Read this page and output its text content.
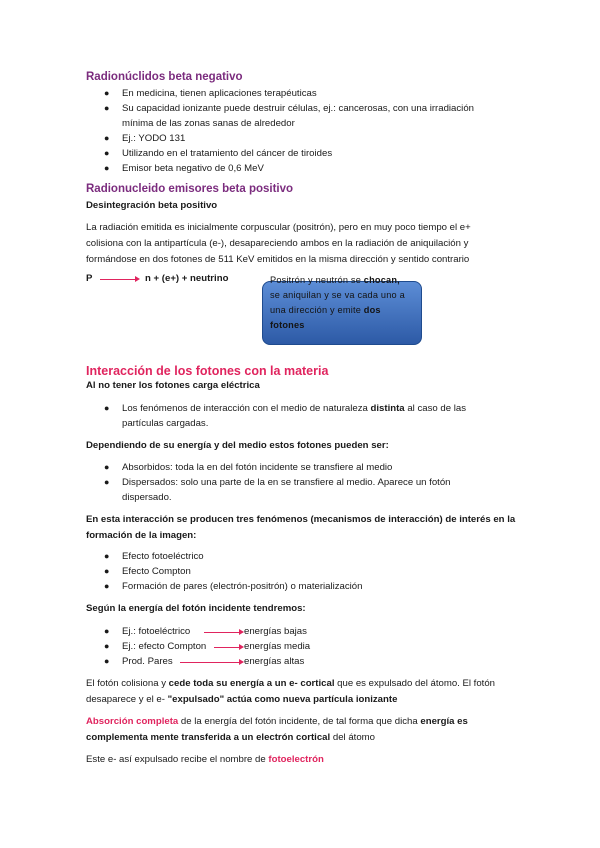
Radionúclidos beta negativo
● En medicina, tienen aplicaciones terapéuticas
● Su capacidad ionizante puede destruir células, ej.: cancerosas, con una irradiación
mínima de las zonas sanas de alrededor
● Ej.: YODO 131
● Utilizando en el tratamiento del cáncer de tiroides
● Emisor beta negativo de 0,6 MeV
Radionucleido emisores beta positivo
Desintegración beta positivo
La radiación emitida es inicialmente corpuscular (positrón), pero en muy poco tiempo el e+
colisiona con la antipartícula (e-), desapareciendo ambos en la radiación de aniquilación y
formándose en dos fotones de 511 KeV emitidos en la misma dirección y sentido contrario
P	n + (e+) + neutrino	Positrón y neutrón se chocan,
se aniquilan y se va cada uno a
una dirección y emite dos
fotones
Interacción de los fotones con la materia
Al no tener los fotones carga eléctrica
● Los fenómenos de interacción con el medio de naturaleza distinta al caso de las
partículas cargadas.
Dependiendo de su energía y del medio estos fotones pueden ser:
● Absorbidos: toda la en del fotón incidente se transfiere al medio
● Dispersados: solo una parte de la en se transfiere al medio. Aparece un fotón
dispersado.
En esta interacción se producen tres fenómenos (mecanismos de interacción) de interés en la
formación de la imagen:
● Efecto fotoeléctrico
● Efecto Compton
● Formación de pares (electrón-positrón) o materialización
Según la energía del fotón incidente tendremos:
● Ej.: fotoeléctrico	energías bajas
● Ej.: efecto Compton	energías media
● Prod. Pares	energías altas
El fotón colisiona y cede toda su energía a un e- cortical que es expulsado del átomo. El fotón
desaparece y el e- "expulsado" actúa como nueva partícula ionizante
Absorción completa de la energía del fotón incidente, de tal forma que dicha energía es
complementa mente transferida a un electrón cortical del átomo
Este e- así expulsado recibe el nombre de fotoelectrón
